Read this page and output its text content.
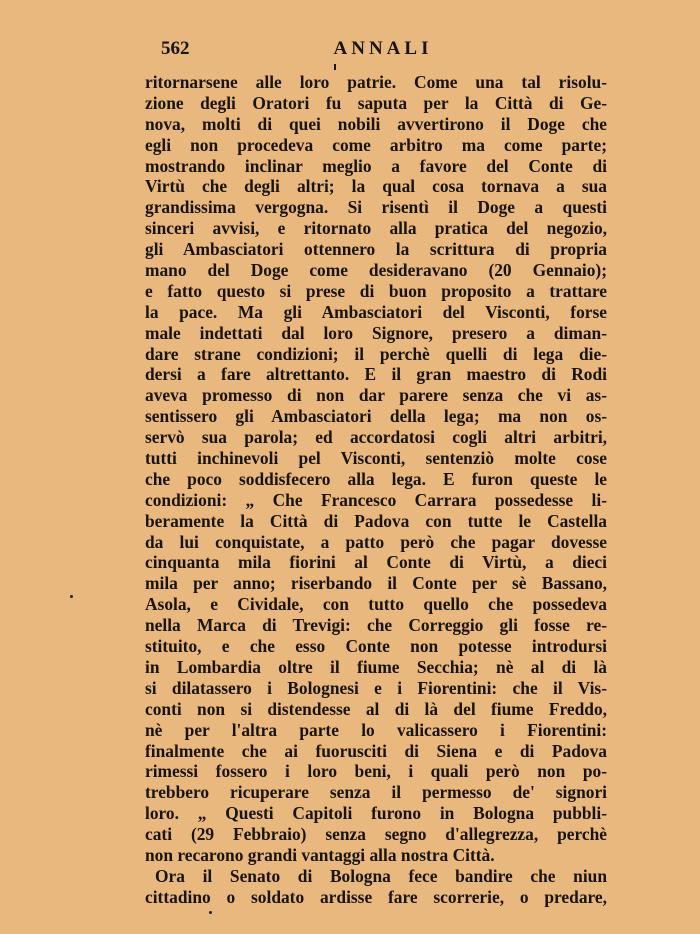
562	ANNALI
ritornarsene alle loro patrie. Come una tal risolu-
zione degli Oratori fu saputa per la Città di Ge-
nova, molti di quei nobili avvertirono il Doge che
egli non procedeva come arbitro ma come parte;
mostrando inclinar meglio a favore del Conte di
Virtù che degli altri; la qual cosa tornava a sua
grandissima vergogna. Si risentì il Doge a questi
sinceri avvisi, e ritornato alla pratica del negozio,
gli Ambasciatori ottennero la scrittura di propria
mano del Doge come desideravano (20 Gennaio);
e fatto questo si prese di buon proposito a trattare
la pace. Ma gli Ambasciatori del Visconti, forse
male indettati dal loro Signore, presero a diman-
dare strane condizioni; il perchè quelli di lega die-
dersi a fare altrettanto. E il gran maestro di Rodi
aveva promesso di non dar parere senza che vi as-
sentissero gli Ambasciatori della lega; ma non os-
servò sua parola; ed accordatosi cogli altri arbitri,
tutti inchinevoli pel Visconti, sentenziò molte cose
che poco soddisfecero alla lega. E furon queste le
condizioni: „ Che Francesco Carrara possedesse li-
beramente la Città di Padova con tutte le Castella
da lui conquistate, a patto però che pagar dovesse
cinquanta mila fiorini al Conte di Virtù, a dieci
mila per anno; riserbando il Conte per sè Bassano,
Asola, e Cividale, con tutto quello che possedeva
nella Marca di Trevigi: che Correggio gli fosse re-
stituito, e che esso Conte non potesse introdursi
in Lombardia oltre il fiume Secchia; nè al di là
si dilatassero i Bolognesi e i Fiorentini: che il Vis-
conti non si distendesse al di là del fiume Freddo,
nè per l'altra parte lo valicassero i Fiorentini:
finalmente che ai fuorusciti di Siena e di Padova
rimessi fossero i loro beni, i quali però non po-
trebbero ricuperare senza il permesso de' signori
loro. „ Questi Capitoli furono in Bologna pubbli-
cati (29 Febbraio) senza segno d'allegrezza, perchè
non recarono grandi vantaggi alla nostra Città.
Ora il Senato di Bologna fece bandire che niun
cittadino o soldato ardisse fare scorrerie, o predare,
